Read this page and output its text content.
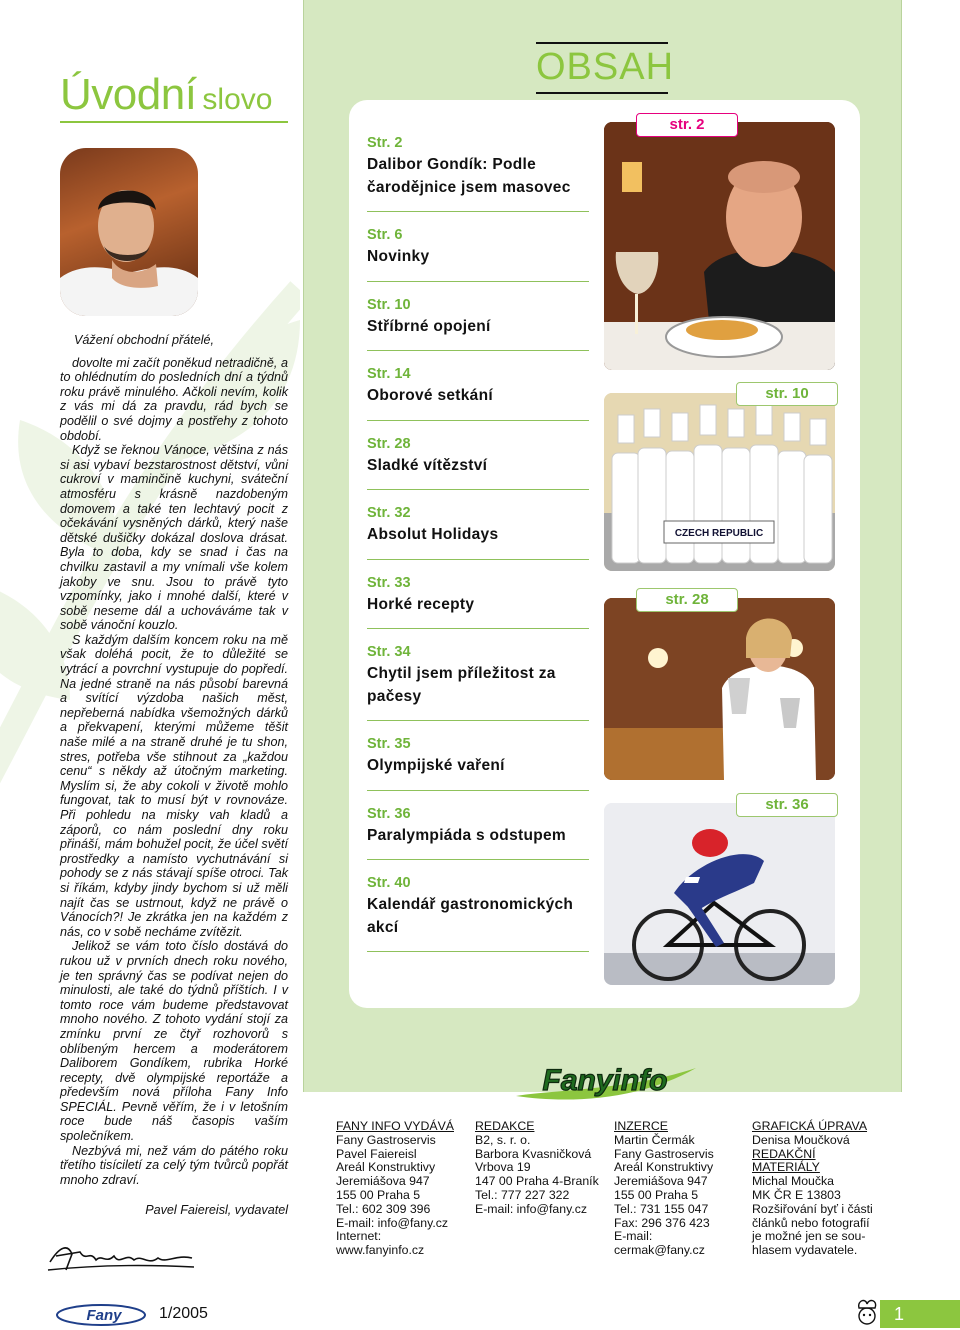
Úvodní slovo

Vážení obchodní přátelé,

dovolte mi začít poněkud netradičně, a to ohlédnutím do posledních dní a týdnů roku právě minulého. Ačkoli nevím, kolik z vás mi dá za pravdu, rád bych se podělil o své dojmy a postřehy z tohoto období.

Když se řeknou Vánoce, většina z nás si asi vybaví bezstarostnost dětství, vůni cukroví v maminčině kuchyni, sváteční atmosféru s krásně nazdobeným domovem a také ten lechtavý pocit z očekávání vysněných dárků, který naše dětské dušičky dokázal doslova drásat. Byla to doba, kdy se snad i čas na chvilku zastavil a my vnímali vše kolem jakoby ve snu. Jsou to právě tyto vzpomínky, jako i mnohé další, které v sobě neseme dál a uchováváme tak v sobě vánoční kouzlo.

S každým dalším koncem roku na mě však doléhá pocit, že to důležité se vytrácí a povrchní vystupuje do popředí. Na jedné straně na nás působí barevná a svítící výzdoba našich měst, nepřeberná nabídka všemožných dárků a překvapení, kterými můžeme těšit naše milé a na straně druhé je tu shon, stres, potřeba vše stihnout za „každou cenu“ s někdy až útočným marketing. Myslím si, že aby cokoli v životě mohlo fungovat, tak to musí být v rovnováze. Při pohledu na misky vah kladů a záporů, co nám poslední dny roku přináší, mám bohužel pocit, že účel světí prostředky a namísto vychutnávání si pohody se z nás stávají spíše otroci. Tak si říkám, kdyby jindy bychom si už měli najít čas se ustrnout, když ne právě o Vánocích?! Je zkrátka jen na každém z nás, co v sobě necháme zvítězit.

Jelikož se vám toto číslo dostává do rukou už v prvních dnech roku nového, je ten správný čas se podívat nejen do minulosti, ale také do týdnů příštích. I v tomto roce vám budeme představovat mnoho nového. Z tohoto vydání stojí za zmínku první ze čtyř rozhovorů s oblíbeným hercem a moderátorem Daliborem Gondíkem, rubrika Horké recepty, dvě olympijské reportáže a především nová příloha Fany Info SPECIÁL. Pevně věřím, že i v letošním roce bude náš časopis vaším společníkem.

Nezbývá mi, než vám do pátého roku třetího tisíciletí za celý tým tvůrců popřát mnoho zdraví.

Pavel Faiereisl, vydavatel

OBSAH
Str. 2
Dalibor Gondík: Podle čarodějnice jsem masovec
Str. 6
Novinky
Str. 10
Stříbrné opojení
Str. 14
Oborové setkání
Str. 28
Sladké vítězství
Str. 32
Absolut Holidays
Str. 33
Horké recepty
Str. 34
Chytil jsem příležitost za pačesy
Str. 35
Olympijské vaření
Str. 36
Paralympiáda s odstupem
Str. 40
Kalendář gastronomických akcí
CZECH REPUBLIC
str. 2
str. 10
str. 28
str. 36
Fanyinfo
FANY INFO VYDÁVÁ
Fany Gastroservis
Pavel Faiereisl
Areál Konstruktivy
Jeremiášova 947
155 00 Praha 5
Tel.: 602 309 396
E-mail: info@fany.cz
Internet:
www.fanyinfo.cz
REDAKCE
B2, s. r. o.
Barbora Kvasničková
Vrbova 19
147 00 Praha 4-Braník
Tel.: 777 227 322
E-mail: info@fany.cz
INZERCE
Martin Čermák
Fany Gastroservis
Areál Konstruktivy
Jeremiášova 947
155 00 Praha 5
Tel.: 731 155 047
Fax: 296 376 423
E-mail:
cermak@fany.cz
GRAFICKÁ ÚPRAVA
Denisa Moučková
REDAKČNÍ
MATERIÁLY
Michal Moučka
MK ČR E 13803
Rozšiřování byť i části
článků nebo fotografií
je možné jen se sou-
hlasem vydavatele.
Fany 1/2005	1
